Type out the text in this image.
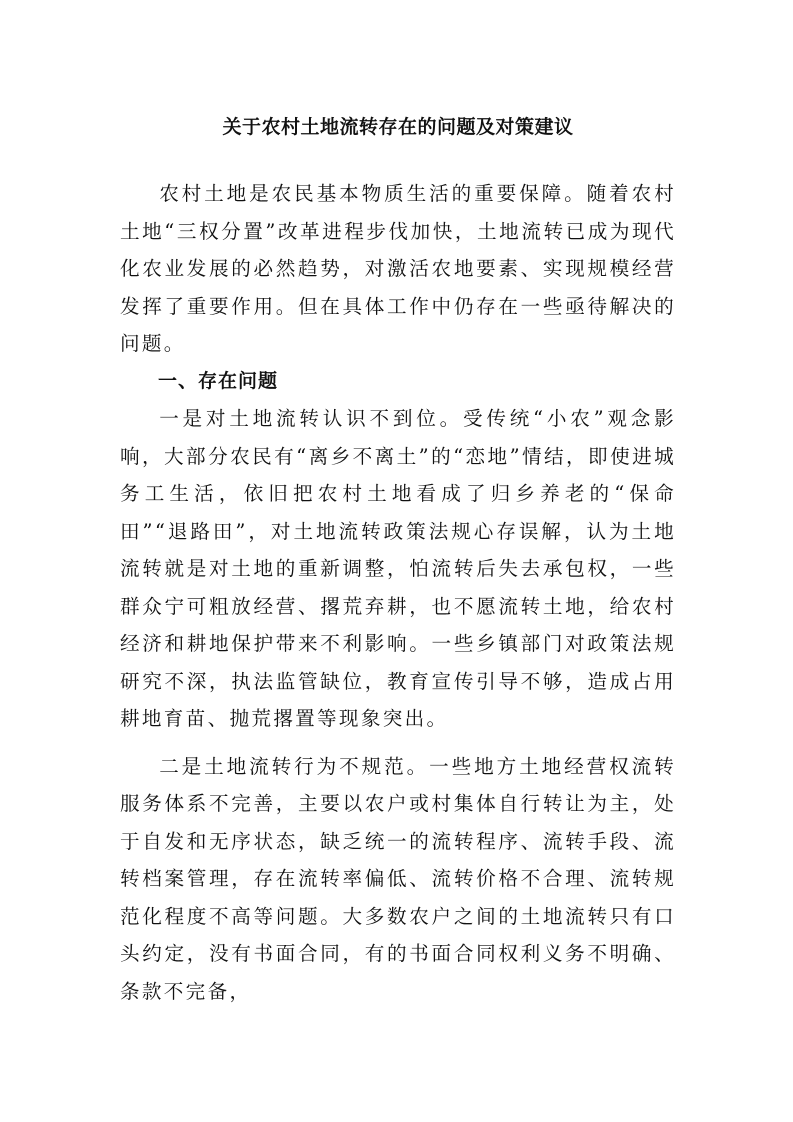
关于农村土地流转存在的问题及对策建议

农村土地是农民基本物质生活的重要保障。随着农村土地“三权分置”改革进程步伐加快，土地流转已成为现代化农业发展的必然趋势，对激活农地要素、实现规模经营发挥了重要作用。但在具体工作中仍存在一些亟待解决的问题。

一、存在问题

一是对土地流转认识不到位。受传统“小农”观念影响，大部分农民有“离乡不离土”的“恋地”情结，即使进城务工生活，依旧把农村土地看成了归乡养老的“保命田”“退路田”，对土地流转政策法规心存误解，认为土地流转就是对土地的重新调整，怕流转后失去承包权，一些群众宁可粗放经营、撂荒弃耕，也不愿流转土地，给农村经济和耕地保护带来不利影响。一些乡镇部门对政策法规研究不深，执法监管缺位，教育宣传引导不够，造成占用耕地育苗、抛荒撂置等现象突出。

二是土地流转行为不规范。一些地方土地经营权流转服务体系不完善，主要以农户或村集体自行转让为主，处于自发和无序状态，缺乏统一的流转程序、流转手段、流转档案管理，存在流转率偏低、流转价格不合理、流转规范化程度不高等问题。大多数农户之间的土地流转只有口头约定，没有书面合同，有的书面合同权利义务不明确、条款不完备，
